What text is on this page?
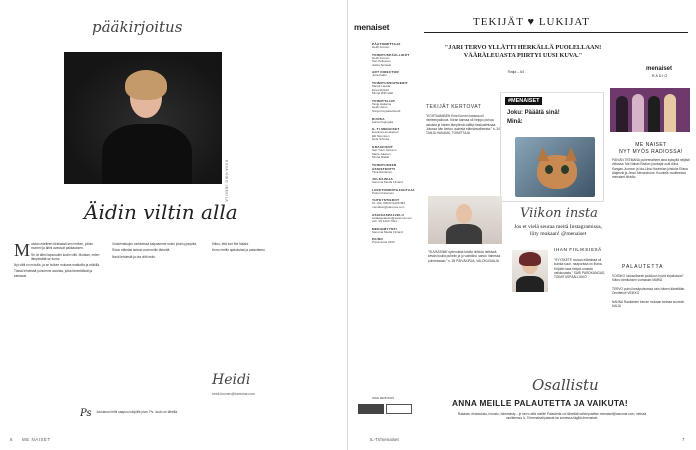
pääkirjoitus
KUVA NIKO JEKKILA
Äidin viltin alla
M uistan edelleen kirkkaasti sen hetken, jolloin mummi ja äitini avasivat pakkauksen.

Se oli äitini lapsuuden kodin viltti. Muistan, miten lämpimältä se tuntui.

Nyt viltti on minulla, ja se kulkee mukana matkoilla ja mökillä.

Tässä lehdessä puhumme asioista, jotka lämmittävät ja kantavat.

Vuodenaikojen vaihtuessa kaipaamme usein jotain pysyvää.

Sinun elämäsi tarinat ovat meille tärkeitä.

Nauti lehdestä ja ota viltti esiin.

Kiitos, että luet Me Naisia.

Kerro meille ajatuksiasi ja palautteesi.

Heidi
heidi.iivonen@sanoma.com
Ps Joulukuun lehti saapuu lukijoille pian. Ps. Joulu on lähellä.
6 ME NAISET
menaiset
PÄÄTOIMITTAJA
Heidi Iivonen
TOIMITUSPÄÄLLIKÖT
Heidi Iivonen
Sari Pelkonen
Jukka Sinisalo
ART DIRECTOR
Jutta Kallio
TOIMITUSSIHTEERIT
Marjut Laurila
Eeva Myllylä
Minna Riihimäki
TOIMITTAJAT
Tanja Hakama
Heidi Heino
Sonja Koppala-Ruotti
RUOKA
Kaisa Kujanpää
IL-TI MENAISET
Eveliina Liimatainen
Elli Nieminen
Heta Sihvola
GRAAFIKOT
Sari Tuuli Jonsson
Marja Jokinen
Minna Riekki
TOIMITUKSEN ASSISTENTTI
Tiina Rantanen
JULKAISIJA
Sanoma Media Finland
LIIKETOIMINTAJOHTAJA
Petteri Kaivonen
YHTEYSTIEDOT
PL 100, 00040 SANOMA
menaiset@sanoma.com
ASIAKASPALVELU
asiakaspalvelu@sanoma.com
puh. 09 1203 7301
MEDIAMYYNTI
Sanoma Media Finland
PAINO
Punamusta 2023
ISSN 0025-6307
IL-TI/menaiset
TEKIJÄT ♥ LUKIJAT
"JARI TERVO YLLÄTTI HERKÄLLÄ PUOLELLAAN! VÄÄRÄLEUASTA PIIRTYI UUSI KUVA."
Raija – 64
TEKIJÄT KERTOVAT
"KOHTAAMINEN Kiira Korven kanssa oli mieleenpainuva. Kiiran kanssa oli helppo puhua asioista ja hänen lämpönsä välittyi keskustelussa. Jutussa hän kertoo uudesta elämänvaiheesta." s. 34 TANJA HAKAMA, TOIMITTAJA
#MENAISET
Joku: Pääätä sinä!
Minä:
Viikon insta
Jos et vielä seuraa meitä Instagramissa, liity mukaan! @menaiset
"SUVASSIME sykerokkia tutulla hiihtola hetkissä kesän kuulla puhelin ja jo valmiiksi, sanoo Vanessa puheessaan." s. 28 PÄIVÄKIRJA, VALOKUVAAJA
IHAN FIILIKSISSÄ
"SYYSKETE rouvan elämässä oli kuinka suuri, naapurissa on ihana. Kirjoitin taas tietysti omasta valokuvasta." SARI PAROKANGAS, TOIMITUSPÄÄLLIKKÖ
menaiset
RADIO
ME NAISET
NYT MYÖS RADIOSSA!
PÄIVÄN TEEMANA puheenaiheet aina syksyllä neljästi viikossa. Me Naiset Radion juontajat ovat Alina Kangas-Juomon ja Ida-Liina Huurtelan johdolla Elissa Alajerzki ja Jenni Alexandrova. Kuuntele osoitteessa menaiset.fi/radio.
PALAUTETTA
VOISIKO luoksollisesti joukkoon hyviä kirjoituksia? Kiitos toimituksen voimasta! MARIA

TERVO puhui kesäpuhuessa vain hänen äänellään. Onnittelut! VEIKKO

NANNA Rautiainen kerran mukaan tarinaa suuresti. KAIJA
Osallistu
ANNA MEILLE PALAUTETTA JA VAIKUTA!
Rakasta, ehdotuksia, innostu, hämmästy – je kerro siitä meille! Palautetta voi lähettää sähköpostitse menaiset@sanoma.com, netissä osoitteessa IL-TI/menaiset/palaute tai somessa tägillä #menaiset.
7
